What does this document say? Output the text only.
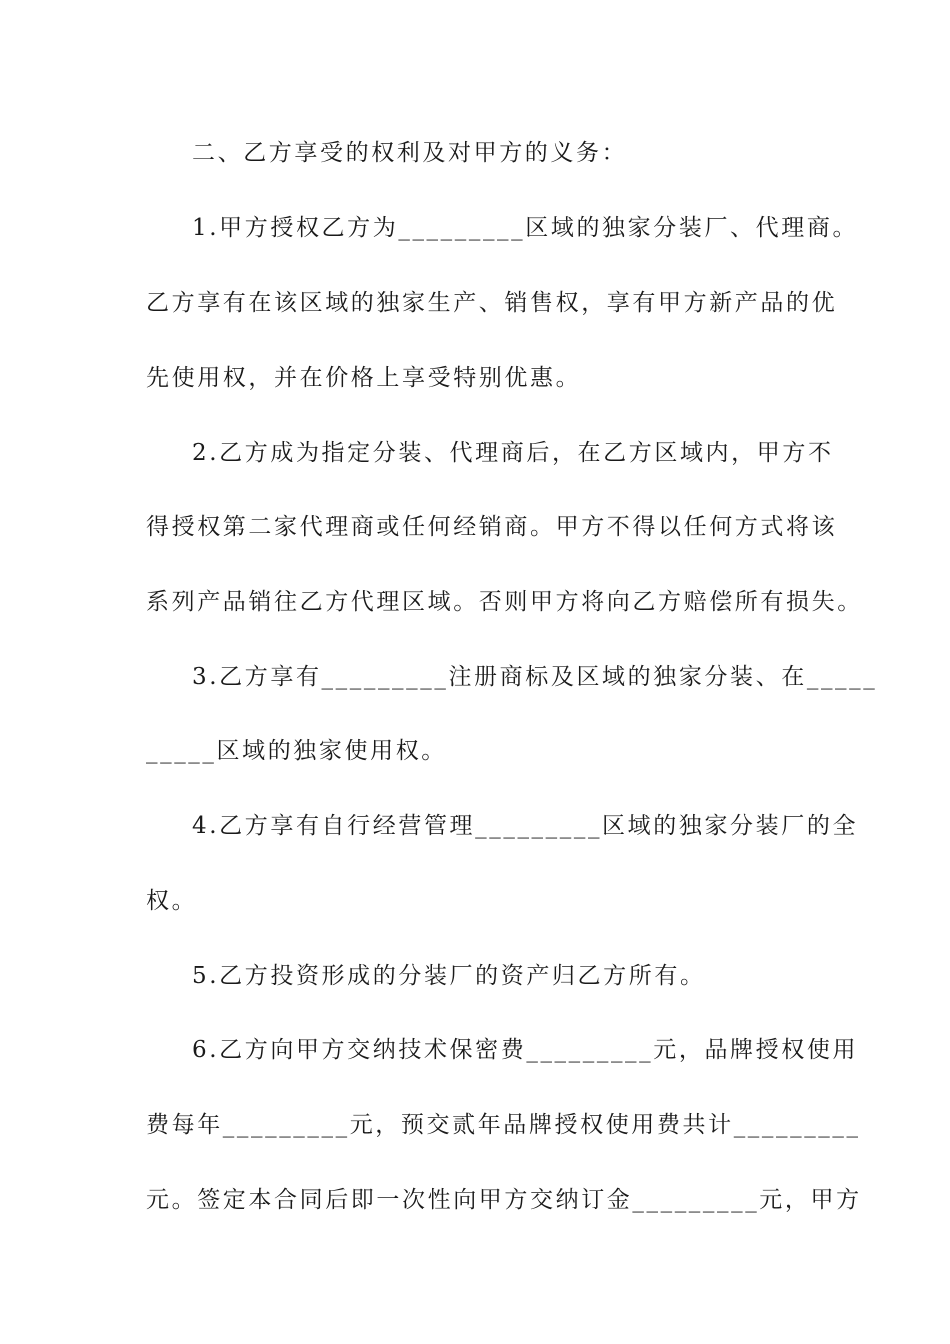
二、乙方享受的权利及对甲方的义务：
1.甲方授权乙方为_________区域的独家分装厂、代理商。
乙方享有在该区域的独家生产、销售权，享有甲方新产品的优
先使用权，并在价格上享受特别优惠。
2.乙方成为指定分装、代理商后，在乙方区域内，甲方不
得授权第二家代理商或任何经销商。甲方不得以任何方式将该
系列产品销往乙方代理区域。否则甲方将向乙方赔偿所有损失。
3.乙方享有_________注册商标及区域的独家分装、在_____
_____区域的独家使用权。
4.乙方享有自行经营管理_________区域的独家分装厂的全
权。
5.乙方投资形成的分装厂的资产归乙方所有。
6.乙方向甲方交纳技术保密费_________元，品牌授权使用
费每年_________元，预交贰年品牌授权使用费共计_________
元。签定本合同后即一次性向甲方交纳订金_________元，甲方
